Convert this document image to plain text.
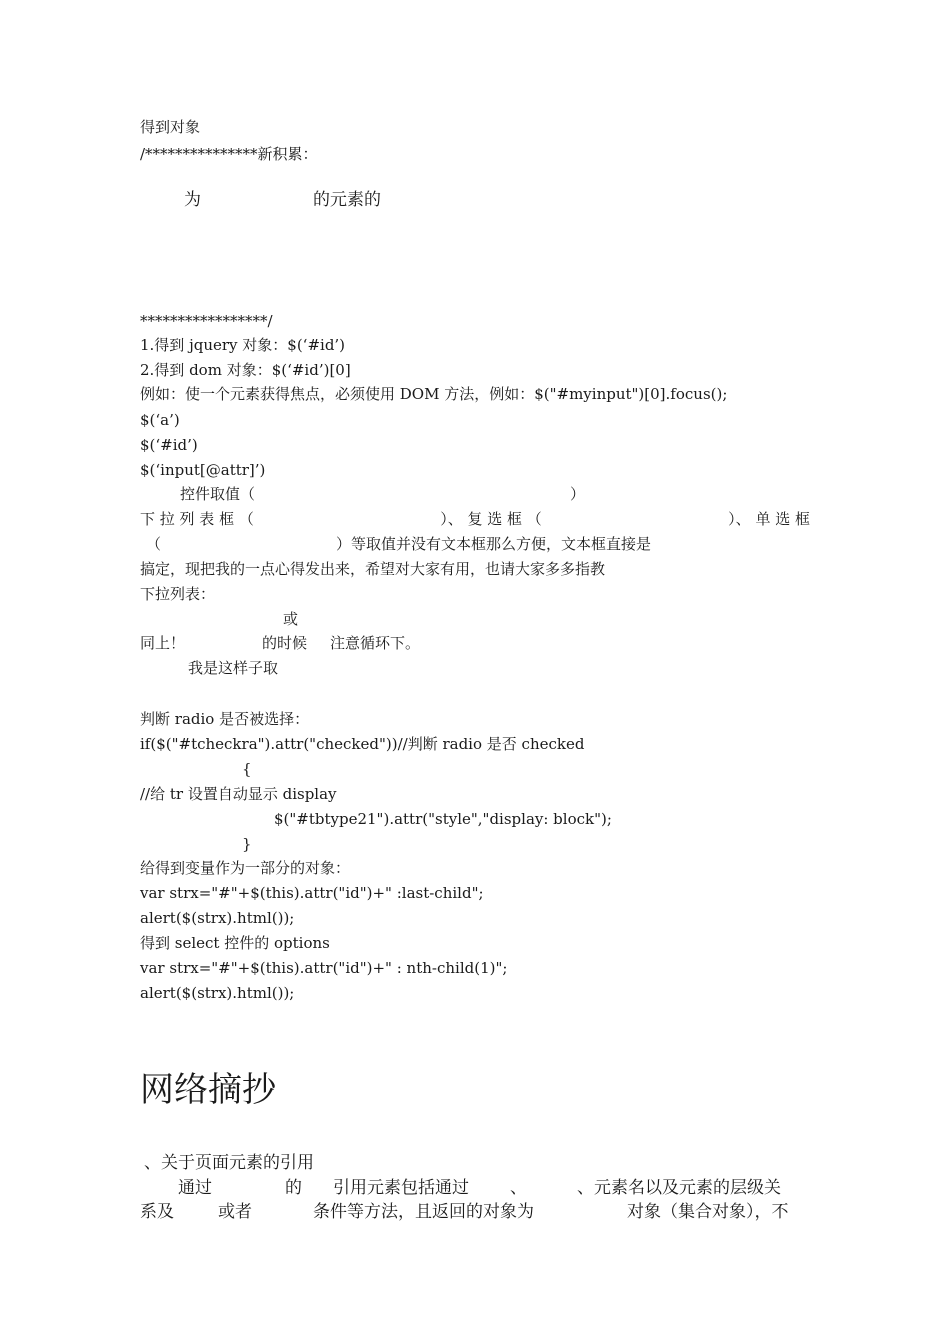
得到对象
/***************新积累：
为	的元素的
*****************/
1.得到 jquery 对象：$(‘#id’)
2.得到 dom 对象：$(‘#id’)[0]
例如：使一个元素获得焦点，必须使用 DOM 方法，例如：$("#myinput")[0].focus();
$(‘a’)
$(‘#id’)
$(‘input[@attr]’)
控件取值（	）
下 拉 列 表 框 （	）、 复 选 框 （	）、 单 选 框
（	）等取值并没有文本框那么方便，文本框直接是
搞定，现把我的一点心得发出来，希望对大家有用，也请大家多多指教
下拉列表：
或
同上！	的时候 注意循环下。
我是这样子取
判断 radio 是否被选择：
if($("#tcheckra").attr("checked"))//判断 radio 是否 checked
{
//给 tr 设置自动显示 display
$("#tbtype21").attr("style","display: block");
}
给得到变量作为一部分的对象：
var strx="#"+$(this).attr("id")+" :last-child";
alert($(strx).html());
得到 select 控件的 options
var strx="#"+$(this).attr("id")+" : nth-child(1)";
alert($(strx).html());
网络摘抄
、关于页面元素的引用
通过	的 引用元素包括通过 、	、元素名以及元素的层级关
系及	或者	条件等方法，且返回的对象为	对象（集合对象），不
